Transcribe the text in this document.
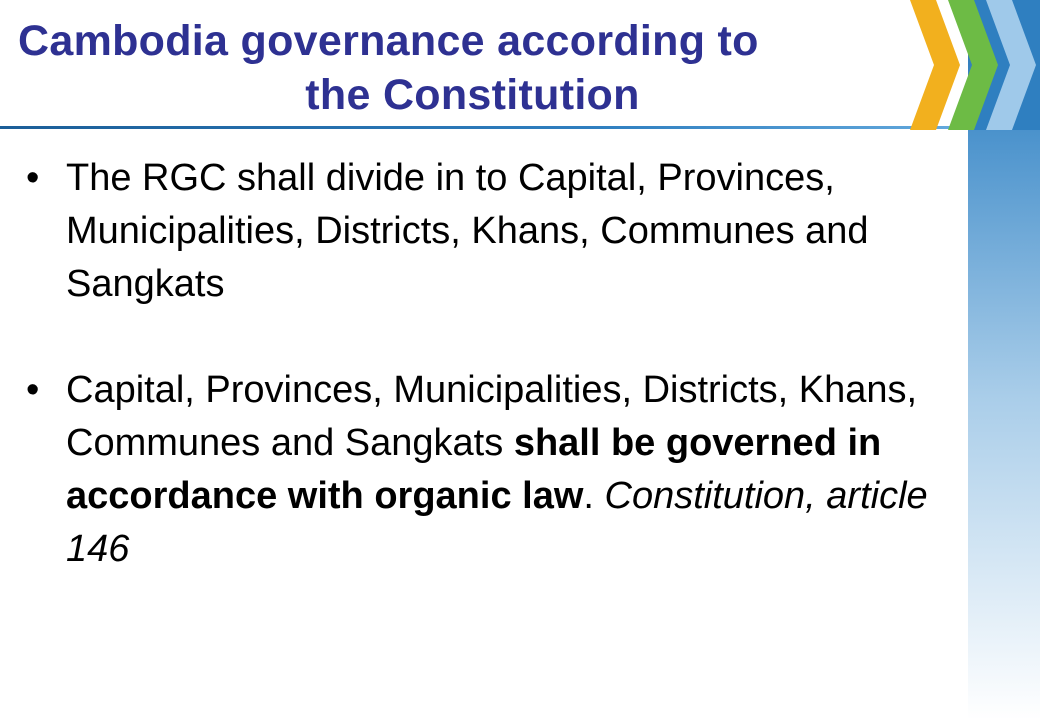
Cambodia governance according to
the Constitution
• The RGC shall divide in to Capital, Provinces, Municipalities, Districts, Khans, Communes and Sangkats
• Capital, Provinces, Municipalities, Districts, Khans, Communes and Sangkats shall be governed in accordance with organic law. Constitution, article 146
